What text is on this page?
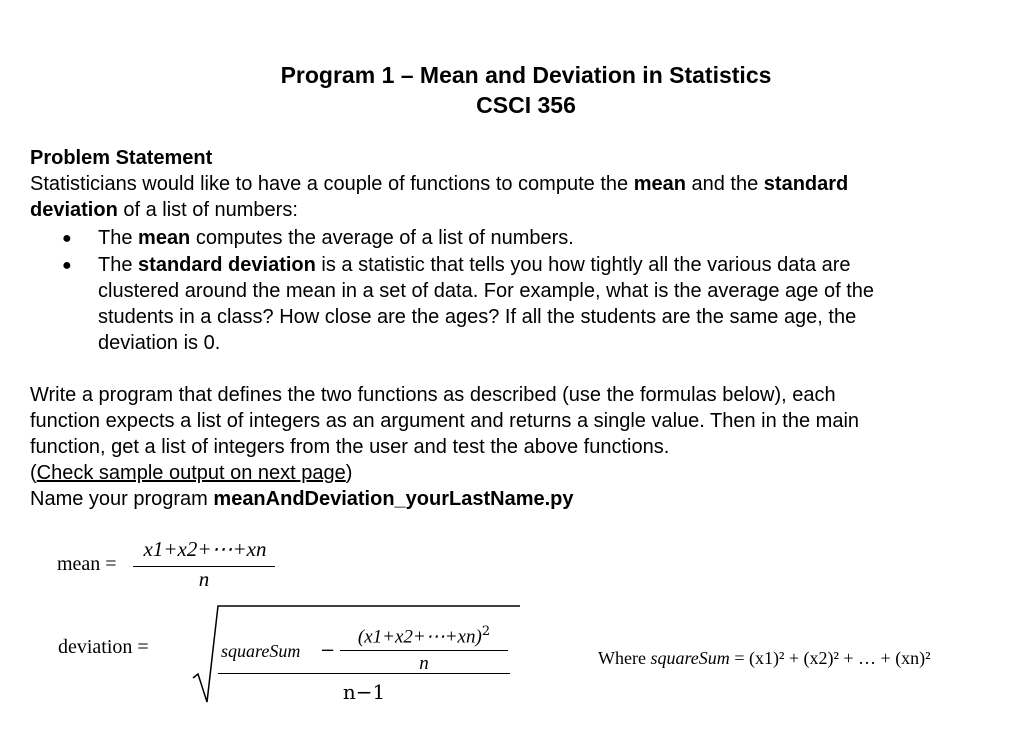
Program 1 – Mean and Deviation in Statistics
CSCI 356
Problem Statement
Statisticians would like to have a couple of functions to compute the mean and the standard
deviation of a list of numbers:
● The mean computes the average of a list of numbers.
● The standard deviation is a statistic that tells you how tightly all the various data are
clustered around the mean in a set of data. For example, what is the average age of the
students in a class? How close are the ages? If all the students are the same age, the
deviation is 0.
Write a program that defines the two functions as described (use the formulas below), each
function expects a list of integers as an argument and returns a single value. Then in the main
function, get a list of integers from the user and test the above functions.
(Check sample output on next page)
Name your program meanAndDeviation_yourLastName.py
mean =
x1+x2+⋯+xn
n
deviation =	squareSum −
(x1+x2+⋯+xn)$^2$
n
n−1
Where squareSum = (x1)² + (x2)² + … + (xn)²
